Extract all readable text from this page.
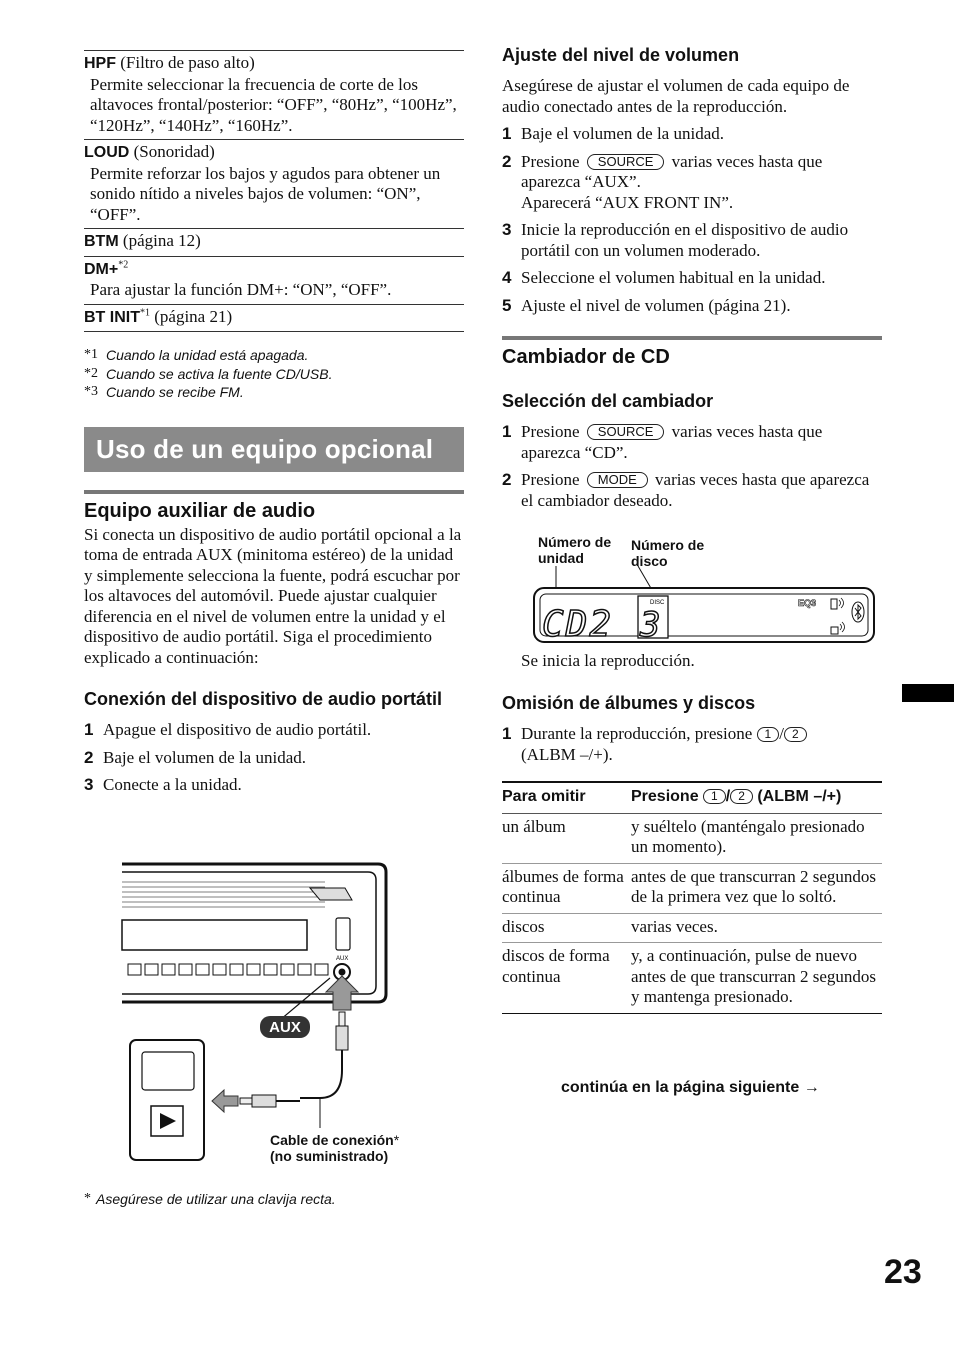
HPF (Filtro de paso alto)
Permite seleccionar la frecuencia de corte de los altavoces frontal/posterior: “OFF”, “80Hz”, “100Hz”, “120Hz”, “140Hz”, “160Hz”.
LOUD (Sonoridad)
Permite reforzar los bajos y agudos para obtener un sonido nítido a niveles bajos de volumen: “ON”, “OFF”.
BTM (página 12)
DM+$^{*2}$
Para ajustar la función DM+: “ON”, “OFF”.
BT INIT$^{*1}$ (página 21)
*1 Cuando la unidad está apagada.
*2 Cuando se activa la fuente CD/USB.
*3 Cuando se recibe FM.
Uso de un equipo opcional
Equipo auxiliar de audio

Si conecta un dispositivo de audio portátil opcional a la toma de entrada AUX (minitoma estéreo) de la unidad y simplemente selecciona la fuente, podrá escuchar por los altavoces del automóvil. Puede ajustar cualquier diferencia en el nivel de volumen entre la unidad y el dispositivo de audio portátil. Siga el procedimiento explicado a continuación:

Conexión del dispositivo de audio portátil
1 Apague el dispositivo de audio portátil.
2 Baje el volumen de la unidad.
3 Conecte a la unidad.
AUX
AUX
Cable de conexión*
(no suministrado)
* Asegúrese de utilizar una clavija recta.
Ajuste del nivel de volumen

Asegúrese de ajustar el volumen de cada equipo de audio conectado antes de la reproducción.

1 Baje el volumen de la unidad.
2 Presione SOURCE varias veces hasta que aparezca “AUX”.
Aparecerá “AUX FRONT IN”.
3 Inicie la reproducción en el dispositivo de audio portátil con un volumen moderado.
4 Seleccione el volumen habitual en la unidad.
5 Ajuste el nivel de volumen (página 21).
Cambiador de CD
Selección del cambiador
1 Presione SOURCE varias veces hasta que aparezca “CD”.
2 Presione MODE varias veces hasta que aparezca el cambiador deseado.
Número de
unidad
Número de
disco
CD2
DISC
3
EQ3
Se inicia la reproducción.
Omisión de álbumes y discos
1 Durante la reproducción, presione 1 / 2
(ALBM –/+).
Para omitir	Presione 1 / 2 (ALBM –/+)
un álbum	y suéltelo (manténgalo presionado un momento).
álbumes de forma continua	antes de que transcurran 2 segundos de la primera vez que lo soltó.
discos	varias veces.
discos de forma continua	y, a continuación, pulse de nuevo antes de que transcurran 2 segundos y mantenga presionado.
continúa en la página siguiente →
23
